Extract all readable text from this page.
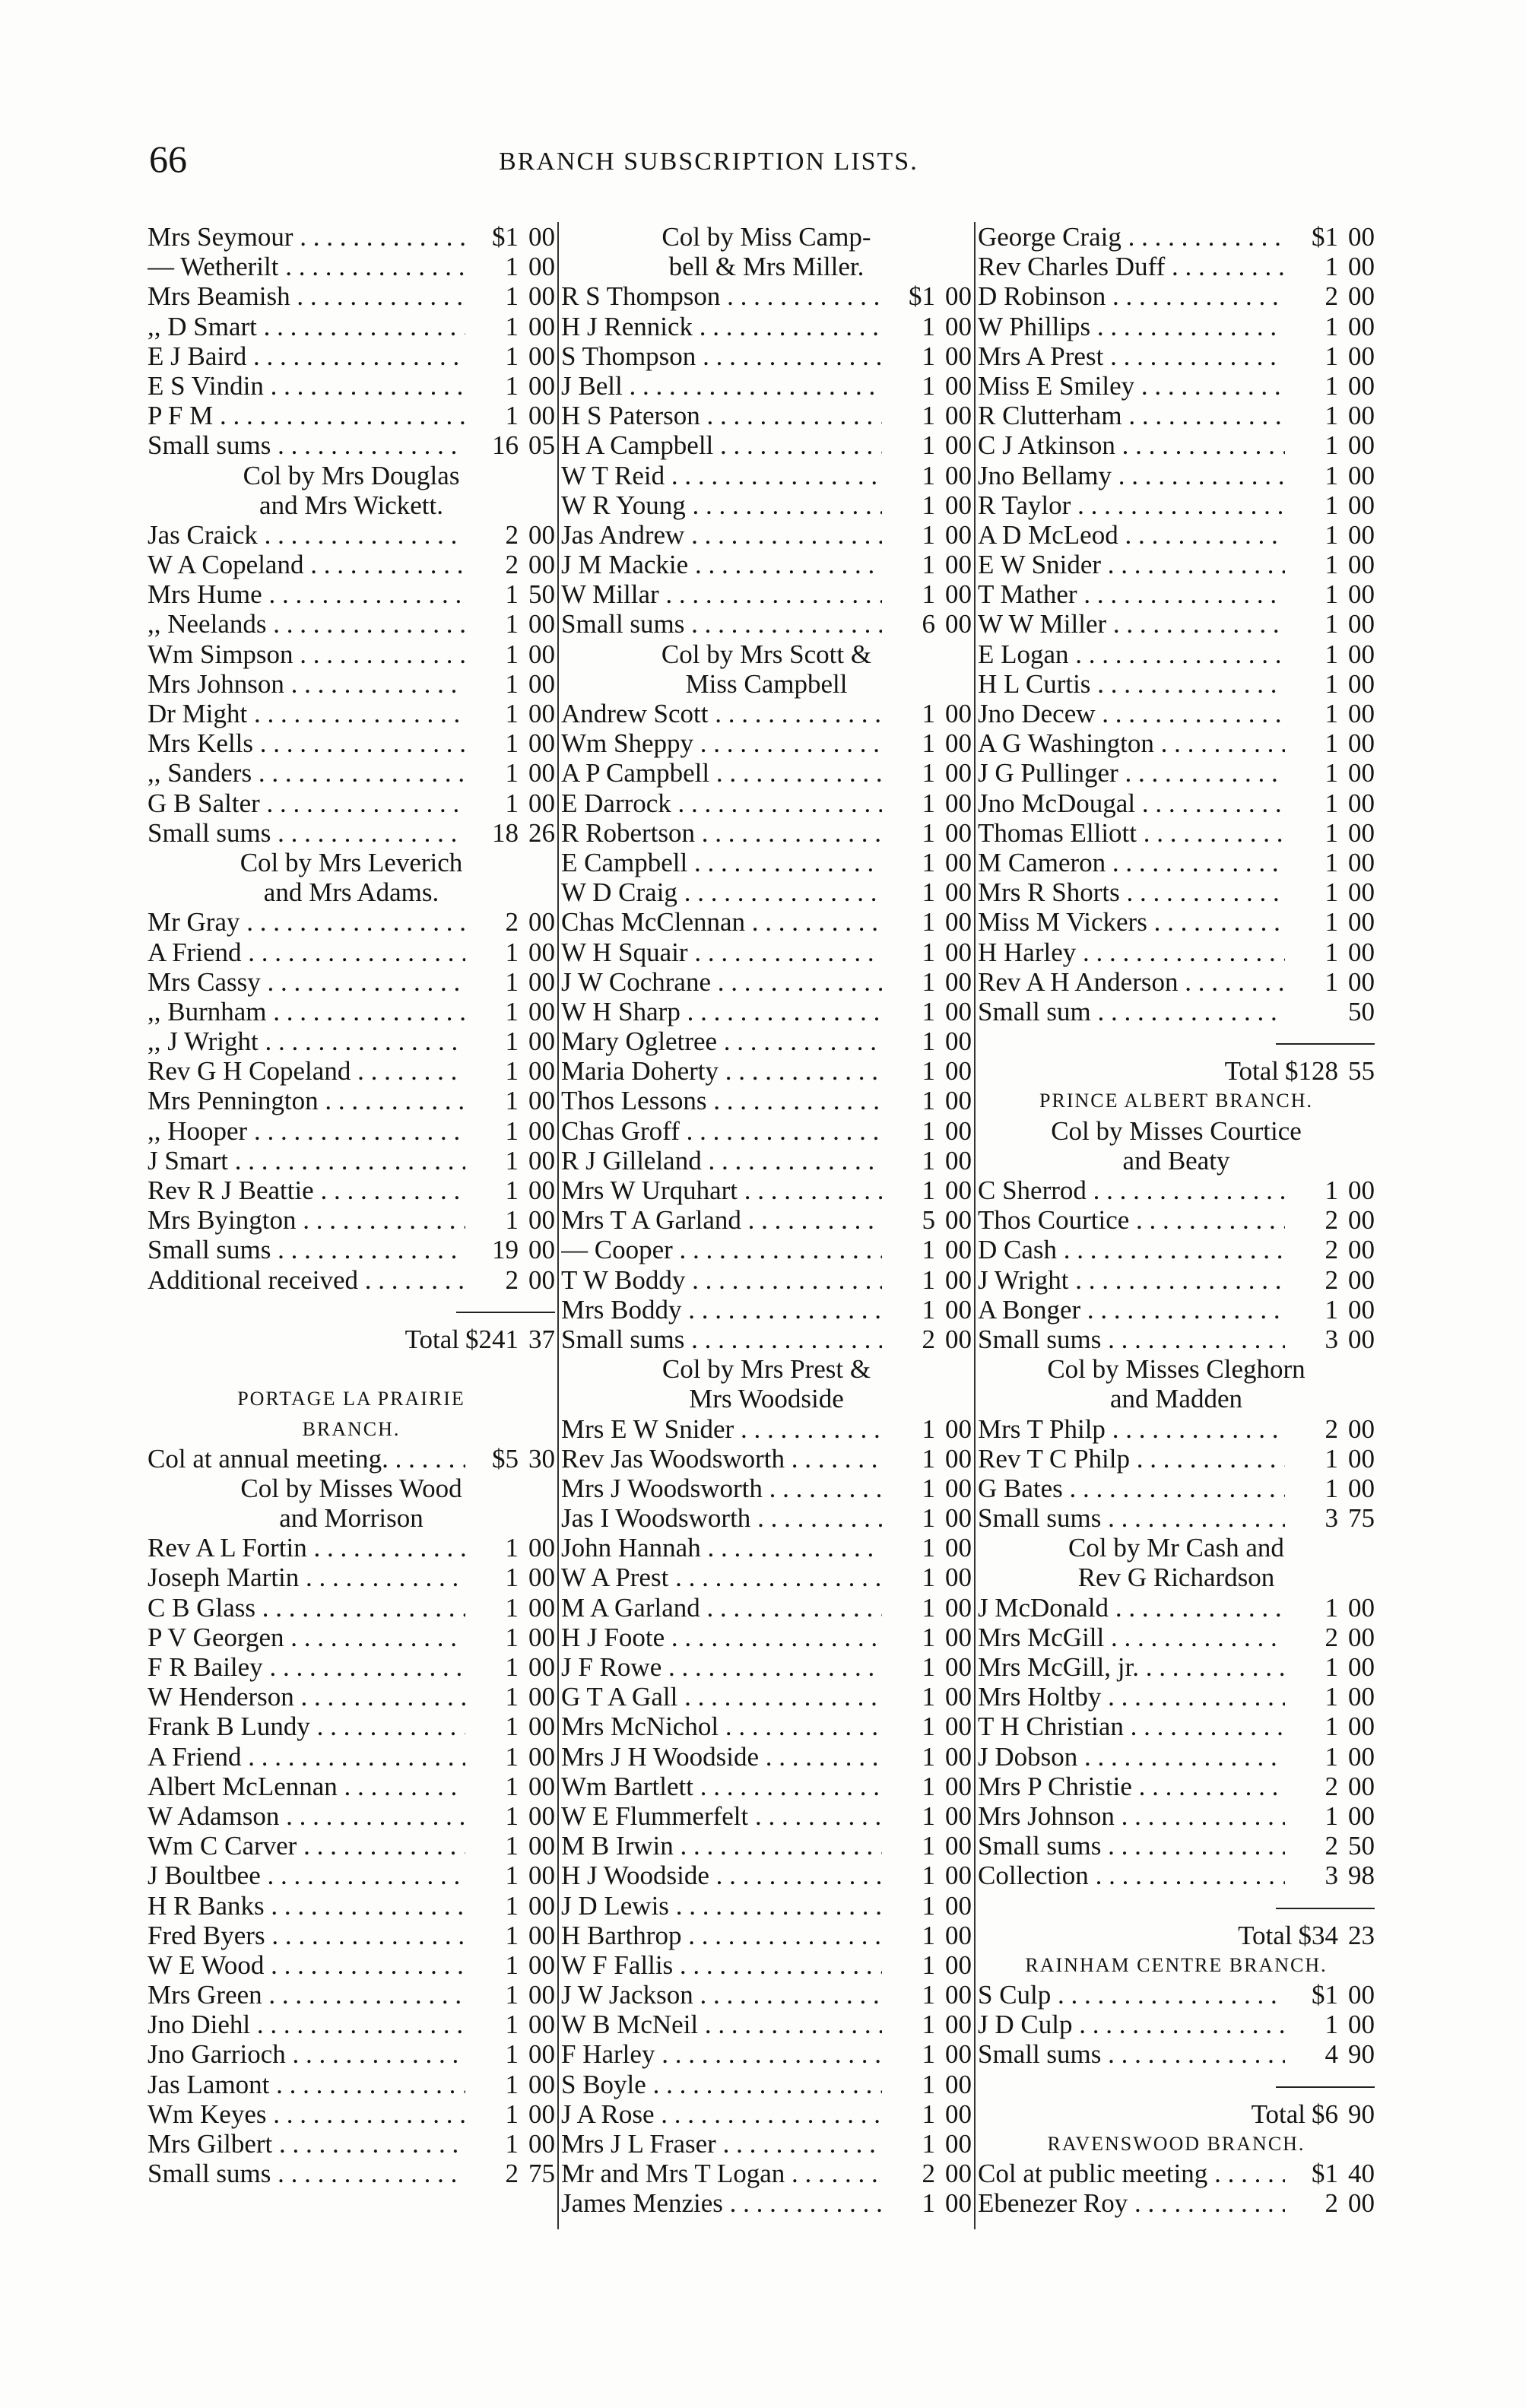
66	BRANCH SUBSCRIPTION LISTS.
Mrs Seymour . . .	$1 00
— Wetherilt . . .	1 00
Mrs Beamish . . .	1 00
,, D Smart . . .	1 00
E J Baird . . .	1 00
E S Vindin . . .	1 00
P F M . . .	1 00
Small sums . . .	16 05
Col by Mrs Douglas
and Mrs Wickett.
Jas Craick . . .	2 00
W A Copeland . . .	2 00
Mrs Hume . . .	1 50
,, Neelands . . .	1 00
Wm Simpson . . .	1 00
Mrs Johnson . . .	1 00
Dr Might . . .	1 00
Mrs Kells . . .	1 00
,, Sanders . . .	1 00
G B Salter . . .	1 00
Small sums . . .	18 26
Col by Mrs Leverich
and Mrs Adams.
Mr Gray . . .	2 00
A Friend . . .	1 00
Mrs Cassy . . .	1 00
,, Burnham . . .	1 00
,, J Wright . . .	1 00
Rev G H Copeland . . .	1 00
Mrs Pennington . . .	1 00
,, Hooper . . .	1 00
J Smart . . .	1 00
Rev R J Beattie . . .	1 00
Mrs Byington . . .	1 00
Small sums . . .	19 00
Additional received . . .	2 00
Total $241 37
PORTAGE LA PRAIRIE
BRANCH.
Col at annual meeting. . . .	$5 30
Col by Misses Wood
and Morrison
Rev A L Fortin . . .	1 00
Joseph Martin . . .	1 00
C B Glass . . .	1 00
P V Georgen . . .	1 00
F R Bailey . . .	1 00
W Henderson . . .	1 00
Frank B Lundy . . .	1 00
A Friend . . .	1 00
Albert McLennan . . .	1 00
W Adamson . . .	1 00
Wm C Carver . . .	1 00
J Boultbee . . .	1 00
H R Banks . . .	1 00
Fred Byers . . .	1 00
W E Wood . . .	1 00
Mrs Green . . .	1 00
Jno Diehl . . .	1 00
Jno Garrioch . . .	1 00
Jas Lamont . . .	1 00
Wm Keyes . . .	1 00
Mrs Gilbert . . .	1 00
Small sums . . .	2 75
Col by Miss Camp-
bell & Mrs Miller.
R S Thompson . . .	$1 00
H J Rennick . . .	1 00
S Thompson . . .	1 00
J Bell . . .	1 00
H S Paterson . . .	1 00
H A Campbell . . .	1 00
W T Reid . . .	1 00
W R Young . . .	1 00
Jas Andrew . . .	1 00
J M Mackie . . .	1 00
W Millar . . .	1 00
Small sums . . .	6 00
Col by Mrs Scott &
Miss Campbell
Andrew Scott . . .	1 00
Wm Sheppy . . .	1 00
A P Campbell . . .	1 00
E Darrock . . .	1 00
R Robertson . . .	1 00
E Campbell . . .	1 00
W D Craig . . .	1 00
Chas McClennan . . .	1 00
W H Squair . . .	1 00
J W Cochrane . . .	1 00
W H Sharp . . .	1 00
Mary Ogletree . . .	1 00
Maria Doherty . . .	1 00
Thos Lessons . . .	1 00
Chas Groff . . .	1 00
R J Gilleland . . .	1 00
Mrs W Urquhart . . .	1 00
Mrs T A Garland . . .	5 00
— Cooper . . .	1 00
T W Boddy . . .	1 00
Mrs Boddy . . .	1 00
Small sums . . .	2 00
Col by Mrs Prest &
Mrs Woodside
Mrs E W Snider . . .	1 00
Rev Jas Woodsworth . . .	1 00
Mrs J Woodsworth . . .	1 00
Jas I Woodsworth . . .	1 00
John Hannah . . .	1 00
W A Prest . . .	1 00
M A Garland . . .	1 00
H J Foote . . .	1 00
J F Rowe . . .	1 00
G T A Gall . . .	1 00
Mrs McNichol . . .	1 00
Mrs J H Woodside . . .	1 00
Wm Bartlett . . .	1 00
W E Flummerfelt . . .	1 00
M B Irwin . . .	1 00
H J Woodside . . .	1 00
J D Lewis . . .	1 00
H Barthrop . . .	1 00
W F Fallis . . .	1 00
J W Jackson . . .	1 00
W B McNeil . . .	1 00
F Harley . . .	1 00
S Boyle . . .	1 00
J A Rose . . .	1 00
Mrs J L Fraser . . .	1 00
Mr and Mrs T Logan . . .	2 00
James Menzies . . .	1 00
George Craig . . .	$1 00
Rev Charles Duff . . .	1 00
D Robinson . . .	2 00
W Phillips . . .	1 00
Mrs A Prest . . .	1 00
Miss E Smiley . . .	1 00
R Clutterham . . .	1 00
C J Atkinson . . .	1 00
Jno Bellamy . . .	1 00
R Taylor . . .	1 00
A D McLeod . . .	1 00
E W Snider . . .	1 00
T Mather . . .	1 00
W W Miller . . .	1 00
E Logan . . .	1 00
H L Curtis . . .	1 00
Jno Decew . . .	1 00
A G Washington . . .	1 00
J G Pullinger . . .	1 00
Jno McDougal . . .	1 00
Thomas Elliott . . .	1 00
M Cameron . . .	1 00
Mrs R Shorts . . .	1 00
Miss M Vickers . . .	1 00
H Harley . . .	1 00
Rev A H Anderson . . .	1 00
Small sum . . .	50
Total $128 55
PRINCE ALBERT BRANCH.
Col by Misses Courtice
and Beaty
C Sherrod . . .	1 00
Thos Courtice . . .	2 00
D Cash . . .	2 00
J Wright . . .	2 00
A Bonger . . .	1 00
Small sums . . .	3 00
Col by Misses Cleghorn
and Madden
Mrs T Philp . . .	2 00
Rev T C Philp . . .	1 00
G Bates . . .	1 00
Small sums . . .	3 75
Col by Mr Cash and
Rev G Richardson
J McDonald . . .	1 00
Mrs McGill . . .	2 00
Mrs McGill, jr. . . .	1 00
Mrs Holtby . . .	1 00
T H Christian . . .	1 00
J Dobson . . .	1 00
Mrs P Christie . . .	2 00
Mrs Johnson . . .	1 00
Small sums . . .	2 50
Collection . . .	3 98
Total $34 23
RAINHAM CENTRE BRANCH.
S Culp . . .	$1 00
J D Culp . . .	1 00
Small sums . . .	4 90
Total $6 90
RAVENSWOOD BRANCH.
Col at public meeting . . .	$1 40
Ebenezer Roy . . .	2 00
